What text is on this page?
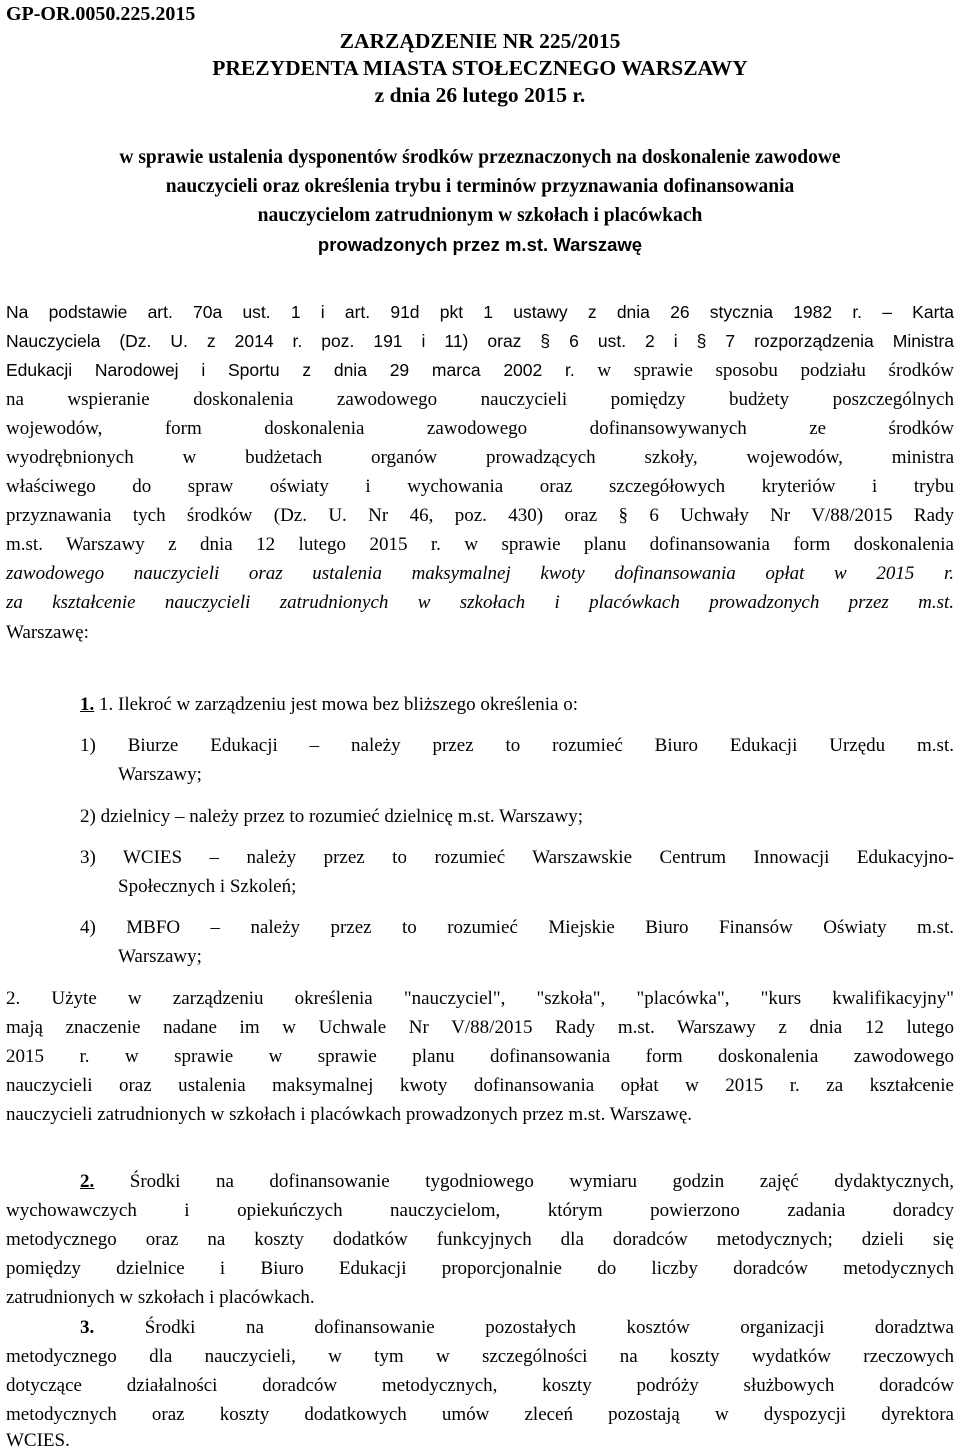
GP-OR.0050.225.2015
ZARZĄDZENIE NR 225/2015
PREZYDENTA MIASTA STOŁECZNEGO WARSZAWY
z dnia 26 lutego 2015 r.
w sprawie ustalenia dysponentów środków przeznaczonych na doskonalenie zawodowe
nauczycieli oraz określenia trybu i terminów przyznawania dofinansowania
nauczycielom zatrudnionym w szkołach i placówkach
prowadzonych przez m.st. Warszawę
Na podstawie art. 70a ust. 1 i art. 91d pkt 1 ustawy z dnia 26 stycznia 1982 r. – Karta
Nauczyciela (Dz. U. z 2014 r. poz. 191 i 11) oraz § 6 ust. 2 i § 7 rozporządzenia Ministra
Edukacji Narodowej i Sportu z dnia 29 marca 2002 r. w sprawie sposobu podziału środków
na wspieranie doskonalenia zawodowego nauczycieli pomiędzy budżety poszczególnych
wojewodów, form doskonalenia zawodowego dofinansowywanych ze środków
wyodrębnionych w budżetach organów prowadzących szkoły, wojewodów, ministra
właściwego do spraw oświaty i wychowania oraz szczegółowych kryteriów i trybu
przyznawania tych środków (Dz. U. Nr 46, poz. 430) oraz § 6 Uchwały Nr V/88/2015 Rady
m.st. Warszawy z dnia 12 lutego 2015 r. w sprawie planu dofinansowania form doskonalenia
zawodowego nauczycieli oraz ustalenia maksymalnej kwoty dofinansowania opłat w 2015 r.
za kształcenie nauczycieli zatrudnionych w szkołach i placówkach prowadzonych przez m.st.
Warszawę:
1. 1. Ilekroć w zarządzeniu jest mowa bez bliższego określenia o:
1) Biurze Edukacji – należy przez to rozumieć Biuro Edukacji Urzędu m.st.
Warszawy;
2) dzielnicy – należy przez to rozumieć dzielnicę m.st. Warszawy;
3) WCIES – należy przez to rozumieć Warszawskie Centrum Innowacji Edukacyjno-
Społecznych i Szkoleń;
4) MBFO – należy przez to rozumieć Miejskie Biuro Finansów Oświaty m.st.
Warszawy;
2. Użyte w zarządzeniu określenia "nauczyciel", "szkoła", "placówka", "kurs kwalifikacyjny"
mają znaczenie nadane im w Uchwale Nr V/88/2015 Rady m.st. Warszawy z dnia 12 lutego
2015 r. w sprawie w sprawie planu dofinansowania form doskonalenia zawodowego
nauczycieli oraz ustalenia maksymalnej kwoty dofinansowania opłat w 2015 r. za kształcenie
nauczycieli zatrudnionych w szkołach i placówkach prowadzonych przez m.st. Warszawę.
2. Środki na dofinansowanie tygodniowego wymiaru godzin zajęć dydaktycznych,
wychowawczych i opiekuńczych nauczycielom, którym powierzono zadania doradcy
metodycznego oraz na koszty dodatków funkcyjnych dla doradców metodycznych; dzieli się
pomiędzy dzielnice i Biuro Edukacji proporcjonalnie do liczby doradców metodycznych
zatrudnionych w szkołach i placówkach.
3. Środki na dofinansowanie pozostałych kosztów organizacji doradztwa
metodycznego dla nauczycieli, w tym w szczególności na koszty wydatków rzeczowych
dotyczące działalności doradców metodycznych, koszty podróży służbowych doradców
metodycznych oraz koszty dodatkowych umów zleceń pozostają w dyspozycji dyrektora
WCIES.
